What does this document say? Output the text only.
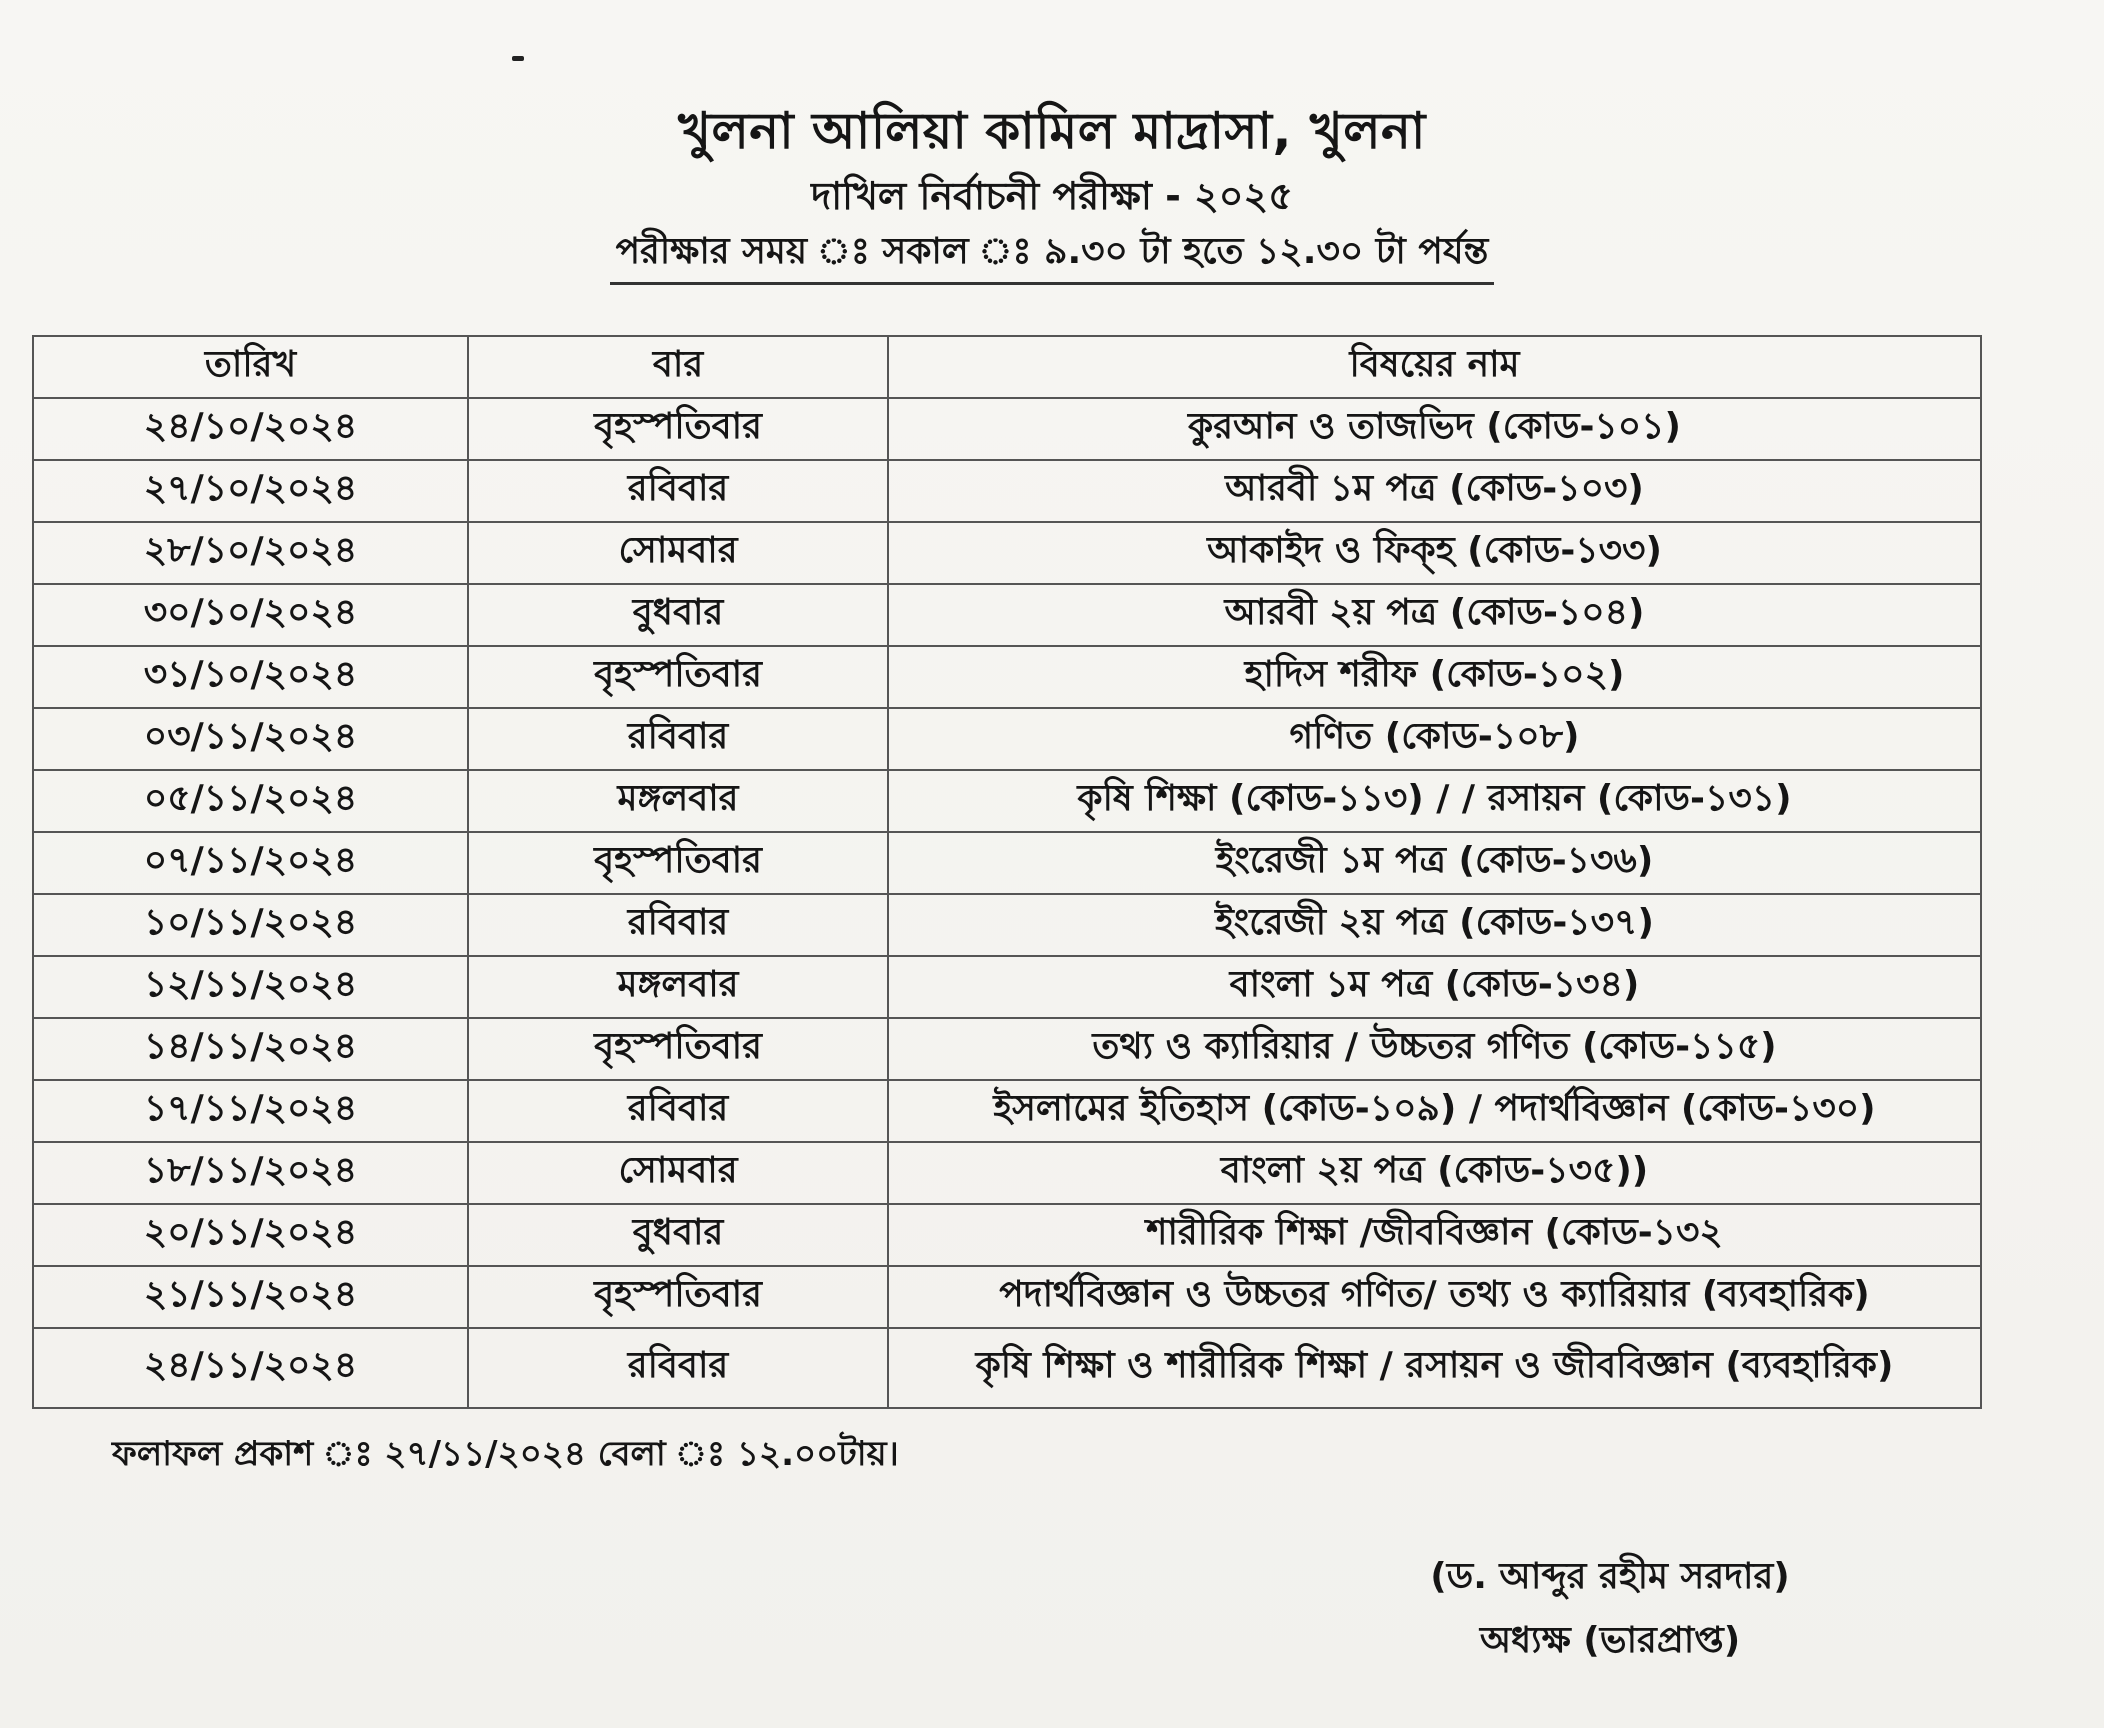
খুলনা আলিয়া কামিল মাদ্রাসা, খুলনা
দাখিল নির্বাচনী পরীক্ষা - ২০২৫
পরীক্ষার সময় ঃ সকাল ঃ ৯.৩০ টা হতে ১২.৩০ টা পর্যন্ত
তারিখ	বার	বিষয়ের নাম
২৪/১০/২০২৪	বৃহস্পতিবার	কুরআন ও তাজভিদ (কোড-১০১)
২৭/১০/২০২৪	রবিবার	আরবী ১ম পত্র (কোড-১০৩)
২৮/১০/২০২৪	সোমবার	আকাইদ ও ফিক্‌হ (কোড-১৩৩)
৩০/১০/২০২৪	বুধবার	আরবী ২য় পত্র (কোড-১০৪)
৩১/১০/২০২৪	বৃহস্পতিবার	হাদিস শরীফ (কোড-১০২)
০৩/১১/২০২৪	রবিবার	গণিত (কোড-১০৮)
০৫/১১/২০২৪	মঙ্গলবার	কৃষি শিক্ষা (কোড-১১৩) / / রসায়ন (কোড-১৩১)
০৭/১১/২০২৪	বৃহস্পতিবার	ইংরেজী ১ম পত্র (কোড-১৩৬)
১০/১১/২০২৪	রবিবার	ইংরেজী ২য় পত্র (কোড-১৩৭)
১২/১১/২০২৪	মঙ্গলবার	বাংলা ১ম পত্র (কোড-১৩৪)
১৪/১১/২০২৪	বৃহস্পতিবার	তথ্য ও ক্যারিয়ার / উচ্চতর গণিত (কোড-১১৫)
১৭/১১/২০২৪	রবিবার	ইসলামের ইতিহাস (কোড-১০৯) / পদার্থবিজ্ঞান (কোড-১৩০)
১৮/১১/২০২৪	সোমবার	বাংলা ২য় পত্র (কোড-১৩৫))
২০/১১/২০২৪	বুধবার	শারীরিক শিক্ষা /জীববিজ্ঞান (কোড-১৩২
২১/১১/২০২৪	বৃহস্পতিবার	পদার্থবিজ্ঞান ও উচ্চতর গণিত/ তথ্য ও ক্যারিয়ার (ব্যবহারিক)
২৪/১১/২০২৪	রবিবার	কৃষি শিক্ষা ও শারীরিক শিক্ষা / রসায়ন ও জীববিজ্ঞান (ব্যবহারিক)
ফলাফল প্রকাশ ঃ ২৭/১১/২০২৪ বেলা ঃ ১২.০০টায়।
(ড. আব্দুর রহীম সরদার)
অধ্যক্ষ (ভারপ্রাপ্ত)
